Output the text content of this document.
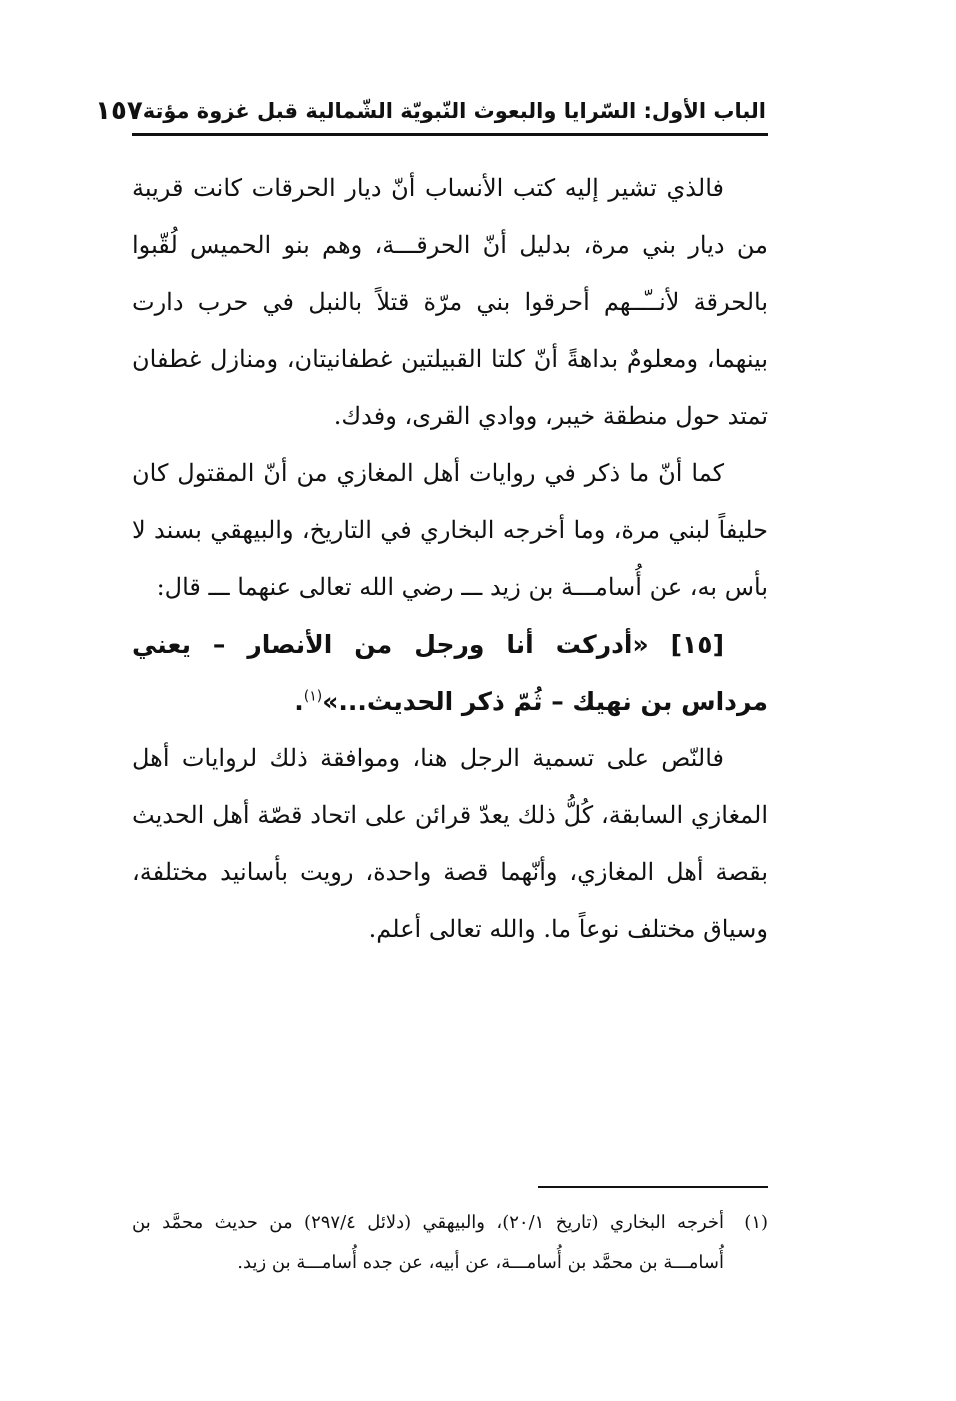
الباب الأول: السّرايا والبعوث النّبويّة الشّمالية قبل غزوة مؤتة
١٥٧

فالذي تشير إليه كتب الأنساب أنّ ديار الحرقات كانت قريبة من ديار بني مرة، بدليل أنّ الحرقـــة، وهم بنو الحميس لُقّبوا بالحرقة لأنــّــهم أحرقوا بني مرّة قتلاً بالنبل في حرب دارت بينهما، ومعلومٌ بداهةً أنّ كلتا القبيلتين غطفانيتان، ومنازل غطفان تمتد حول منطقة خيبر، ووادي القرى، وفدك.

كما أنّ ما ذكر في روايات أهل المغازي من أنّ المقتول كان حليفاً لبني مرة، وما أخرجه البخاري في التاريخ، والبيهقي بسند لا بأس به، عن أُسامـــة بن زيد ـــ رضي الله تعالى عنهما ـــ قال:

[١٥] «أدركت أنا ورجل من الأنصار – يعني مرداس بن نهيك – ثُمّ ذكر الحديث...»$^{(١)}$.

فالنّص على تسمية الرجل هنا، وموافقة ذلك لروايات أهل المغازي السابقة، كُلُّ ذلك يعدّ قرائن على اتحاد قصّة أهل الحديث بقصة أهل المغازي، وأنّهما قصة واحدة، رويت بأسانيد مختلفة، وسياق مختلف نوعاً ما. والله تعالى أعلم.

(١)أخرجه البخاري (تاريخ ٢٠/١)، والبيهقي (دلائل ٢٩٧/٤) من حديث محمَّد بن أُسامـــة بن محمَّد بن أُسامـــة، عن أبيه، عن جده أُسامـــة بن زيد.
